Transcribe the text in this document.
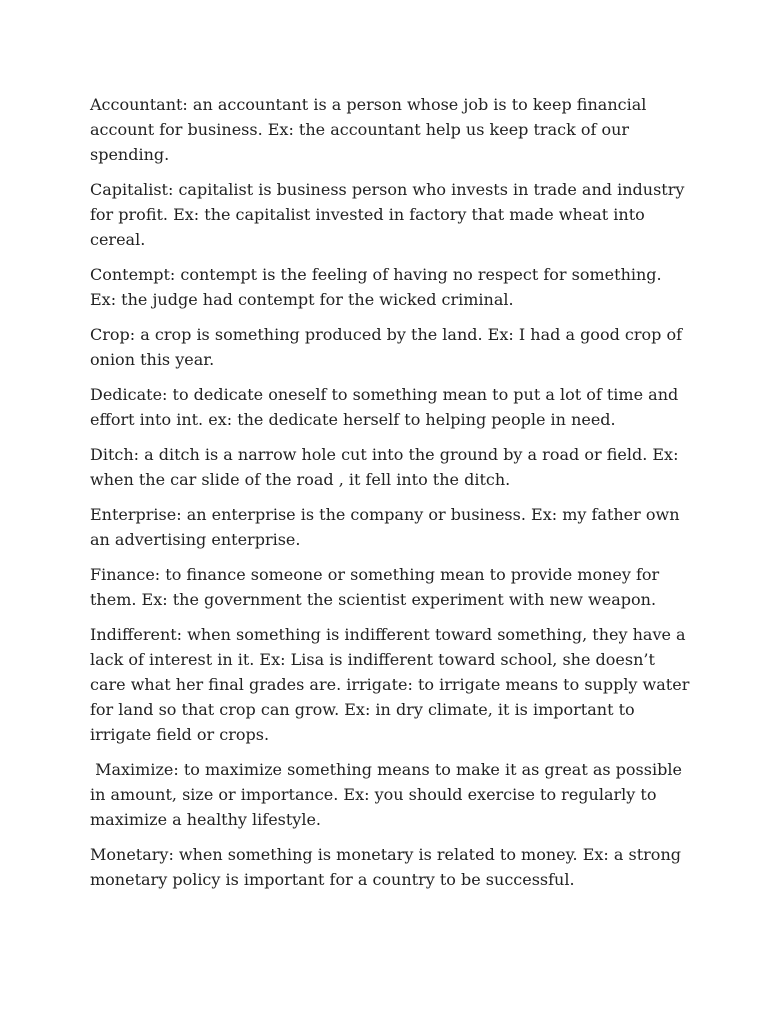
Accountant: an accountant is a person whose job is to keep financial account for business. Ex: the accountant help us keep track of our spending.

Capitalist: capitalist is business person who invests in trade and industry for profit. Ex: the capitalist invested in factory that made wheat into cereal.

Contempt: contempt is the feeling of having no respect for something. Ex: the judge had contempt for the wicked criminal.

Crop: a crop is something produced by the land. Ex: I had a good crop of onion this year.

Dedicate: to dedicate oneself to something mean to put a lot of time and effort into int. ex: the dedicate herself to helping people in need.

Ditch: a ditch is a narrow hole cut into the ground by a road or field. Ex: when the car slide of the road , it fell into the ditch.

Enterprise: an enterprise is the company or business. Ex: my father own an advertising enterprise.

Finance: to finance someone or something mean to provide money for them. Ex: the government the scientist experiment with new weapon.

Indifferent: when something is indifferent toward something, they have a lack of interest in it. Ex: Lisa is indifferent toward school, she doesn’t care what her final grades are. irrigate: to irrigate means to supply water for land so that crop can grow. Ex: in dry climate, it is important to irrigate field or crops.

Maximize: to maximize something means to make it as great as possible in amount, size or importance. Ex: you should exercise to regularly to maximize a healthy lifestyle.

Monetary: when something is monetary is related to money. Ex: a strong monetary policy is important for a country to be successful.
